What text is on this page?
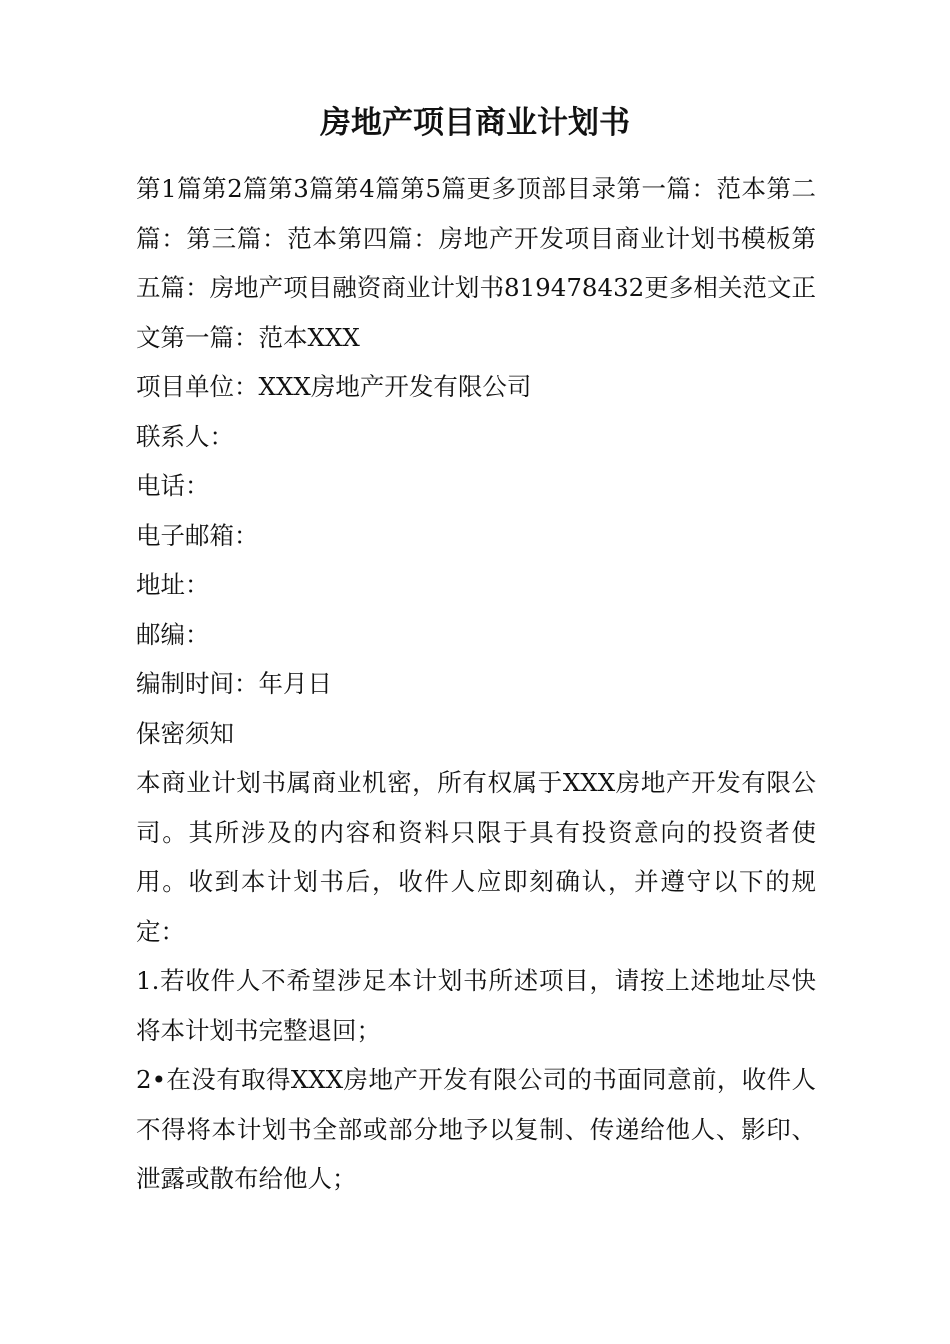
房地产项目商业计划书

第1篇第2篇第3篇第4篇第5篇更多顶部目录第一篇：范本第二篇：第三篇：范本第四篇：房地产开发项目商业计划书模板第五篇：房地产项目融资商业计划书819478432更多相关范文正文第一篇：范本XXX

项目单位：XXX房地产开发有限公司

联系人：

电话：

电子邮箱：

地址：

邮编：

编制时间：年月日

保密须知

本商业计划书属商业机密，所有权属于XXX房地产开发有限公司。其所涉及的内容和资料只限于具有投资意向的投资者使用。收到本计划书后，收件人应即刻确认，并遵守以下的规定：

1.若收件人不希望涉足本计划书所述项目，请按上述地址尽快将本计划书完整退回；

2•在没有取得XXX房地产开发有限公司的书面同意前，收件人不得将本计划书全部或部分地予以复制、传递给他人、影印、泄露或散布给他人；
